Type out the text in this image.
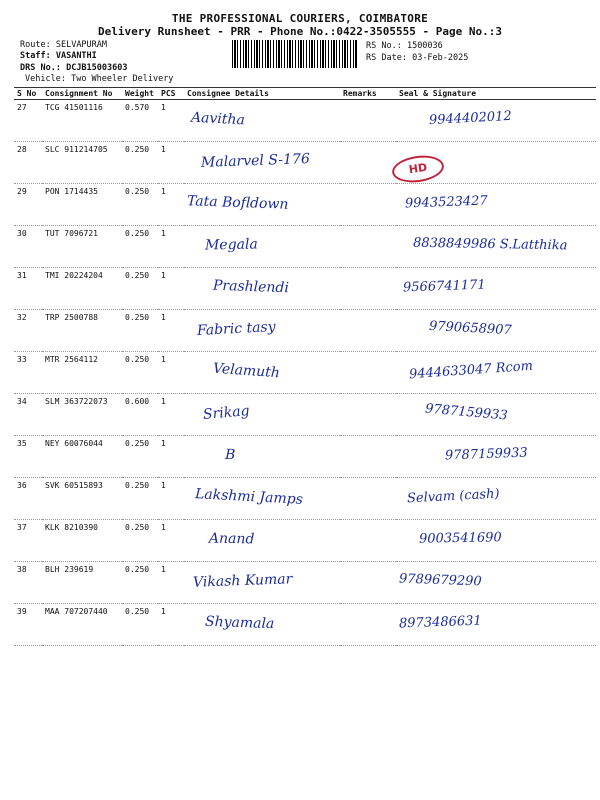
THE PROFESSIONAL COURIERS, COIMBATORE
Delivery Runsheet - PRR - Phone No.:0422-3505555 - Page No.:3
Route: SELVAPURAM
Staff: VASANTHI
DRS No.: DCJB15003603
Vehicle: Two Wheeler Delivery
RS No.: 1500036
RS Date: 03-Feb-2025
S No	Consignment No	Weight	PCS	Consignee Details	Remarks	Seal & Signature
27	TCG 41501116	0.570	1	Aavitha		9944402012
28	SLC 911214705	0.250	1	Malarvel S-176		
29	PON 1714435	0.250	1	Tata Bofldown		9943523427
30	TUT 7096721	0.250	1	Megala		8838849986 S.Latthika
31	TMI 20224204	0.250	1	Prashlendi		9566741171
32	TRP 2500788	0.250	1	Fabric tasy		9790658907
33	MTR 2564112	0.250	1	Velamuth		9444633047 Rcom
34	SLM 363722073	0.600	1	Srikag		9787159933
35	NEY 60076044	0.250	1	B		9787159933
36	SVK 60515893	0.250	1	Lakshmi Jamps		Selvam (cash)
37	KLK 8210390	0.250	1	Anand		9003541690
38	BLH 239619	0.250	1	Vikash Kumar		9789679290
39	MAA 707207440	0.250	1	Shyamala		8973486631
HD
